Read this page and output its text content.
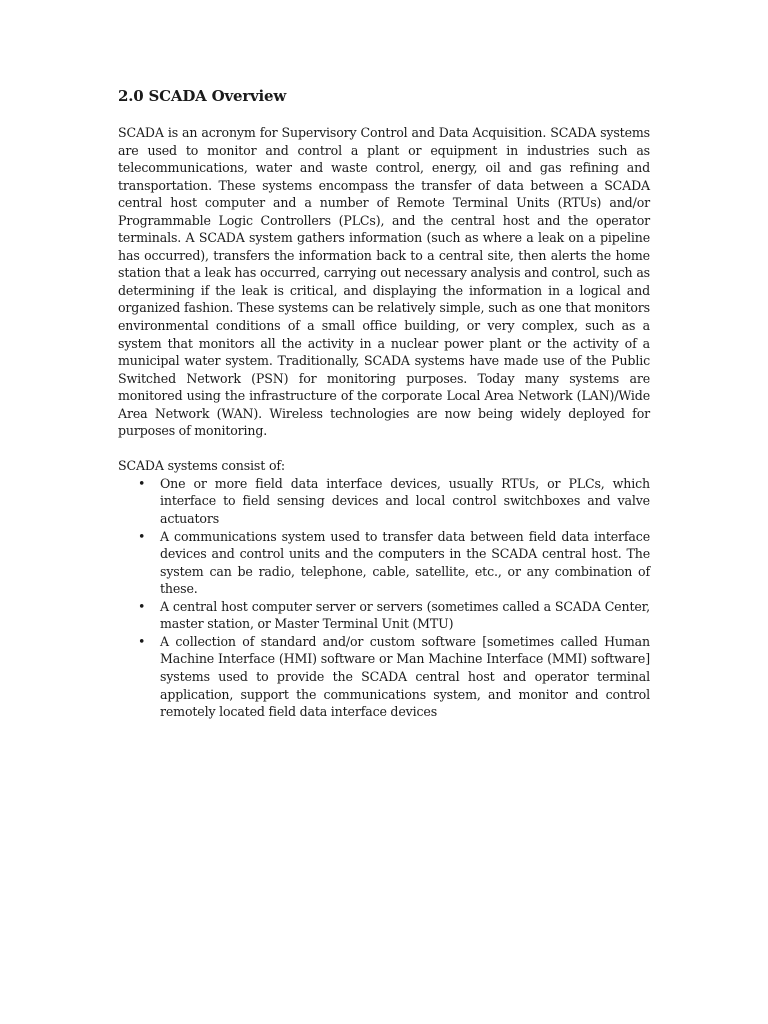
2.0 SCADA Overview

SCADA is an acronym for Supervisory Control and Data Acquisition. SCADA systems are used to monitor and control a plant or equipment in industries such as telecommunications, water and waste control, energy, oil and gas refining and transportation. These systems encompass the transfer of data between a SCADA central host computer and a number of Remote Terminal Units (RTUs) and/or Programmable Logic Controllers (PLCs), and the central host and the operator terminals. A SCADA system gathers information (such as where a leak on a pipeline has occurred), transfers the information back to a central site, then alerts the home station that a leak has occurred, carrying out necessary analysis and control, such as determining if the leak is critical, and displaying the information in a logical and organized fashion. These systems can be relatively simple, such as one that monitors environmental conditions of a small office building, or very complex, such as a system that monitors all the activity in a nuclear power plant or the activity of a municipal water system. Traditionally, SCADA systems have made use of the Public Switched Network (PSN) for monitoring purposes. Today many systems are monitored using the infrastructure of the corporate Local Area Network (LAN)/Wide Area Network (WAN). Wireless technologies are now being widely deployed for purposes of monitoring.

SCADA systems consist of:

• One or more field data interface devices, usually RTUs, or PLCs, which interface to field sensing devices and local control switchboxes and valve actuators
• A communications system used to transfer data between field data interface devices and control units and the computers in the SCADA central host. The system can be radio, telephone, cable, satellite, etc., or any combination of these.
• A central host computer server or servers (sometimes called a SCADA Center, master station, or Master Terminal Unit (MTU)
• A collection of standard and/or custom software [sometimes called Human Machine Interface (HMI) software or Man Machine Interface (MMI) software] systems used to provide the SCADA central host and operator terminal application, support the communications system, and monitor and control remotely located field data interface devices
